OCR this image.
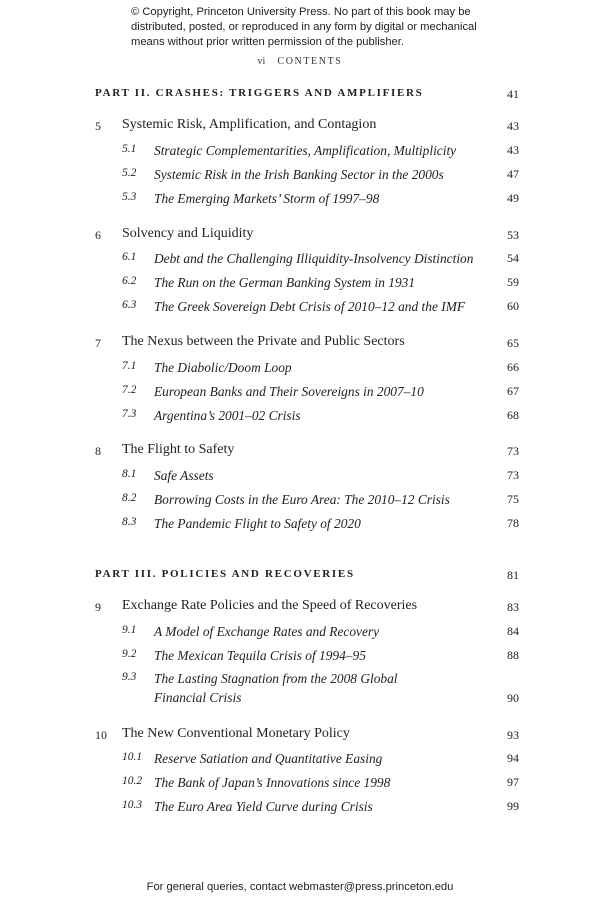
© Copyright, Princeton University Press. No part of this book may be
distributed, posted, or reproduced in any form by digital or mechanical
means without prior written permission of the publisher.
vi CONTENTS
PART II. CRASHES: TRIGGERS AND AMPLIFIERS	41
5	Systemic Risk, Amplification, and Contagion	43
5.1 Strategic Complementarities, Amplification, Multiplicity	43
5.2 Systemic Risk in the Irish Banking Sector in the 2000s	47
5.3 The Emerging Markets’ Storm of 1997–98	49
6	Solvency and Liquidity	53
6.1 Debt and the Challenging Illiquidity-Insolvency Distinction	54
6.2 The Run on the German Banking System in 1931	59
6.3 The Greek Sovereign Debt Crisis of 2010–12 and the IMF	60
7	The Nexus between the Private and Public Sectors	65
7.1 The Diabolic/Doom Loop	66
7.2 European Banks and Their Sovereigns in 2007–10	67
7.3 Argentina’s 2001–02 Crisis	68
8	The Flight to Safety	73
8.1 Safe Assets	73
8.2 Borrowing Costs in the Euro Area: The 2010–12 Crisis	75
8.3 The Pandemic Flight to Safety of 2020	78
PART III. POLICIES AND RECOVERIES	81
9	Exchange Rate Policies and the Speed of Recoveries	83
9.1 A Model of Exchange Rates and Recovery	84
9.2 The Mexican Tequila Crisis of 1994–95	88
9.3 The Lasting Stagnation from the 2008 Global Financial Crisis	90
10	The New Conventional Monetary Policy	93
10.1 Reserve Satiation and Quantitative Easing	94
10.2 The Bank of Japan’s Innovations since 1998	97
10.3 The Euro Area Yield Curve during Crisis	99
For general queries, contact webmaster@press.princeton.edu
